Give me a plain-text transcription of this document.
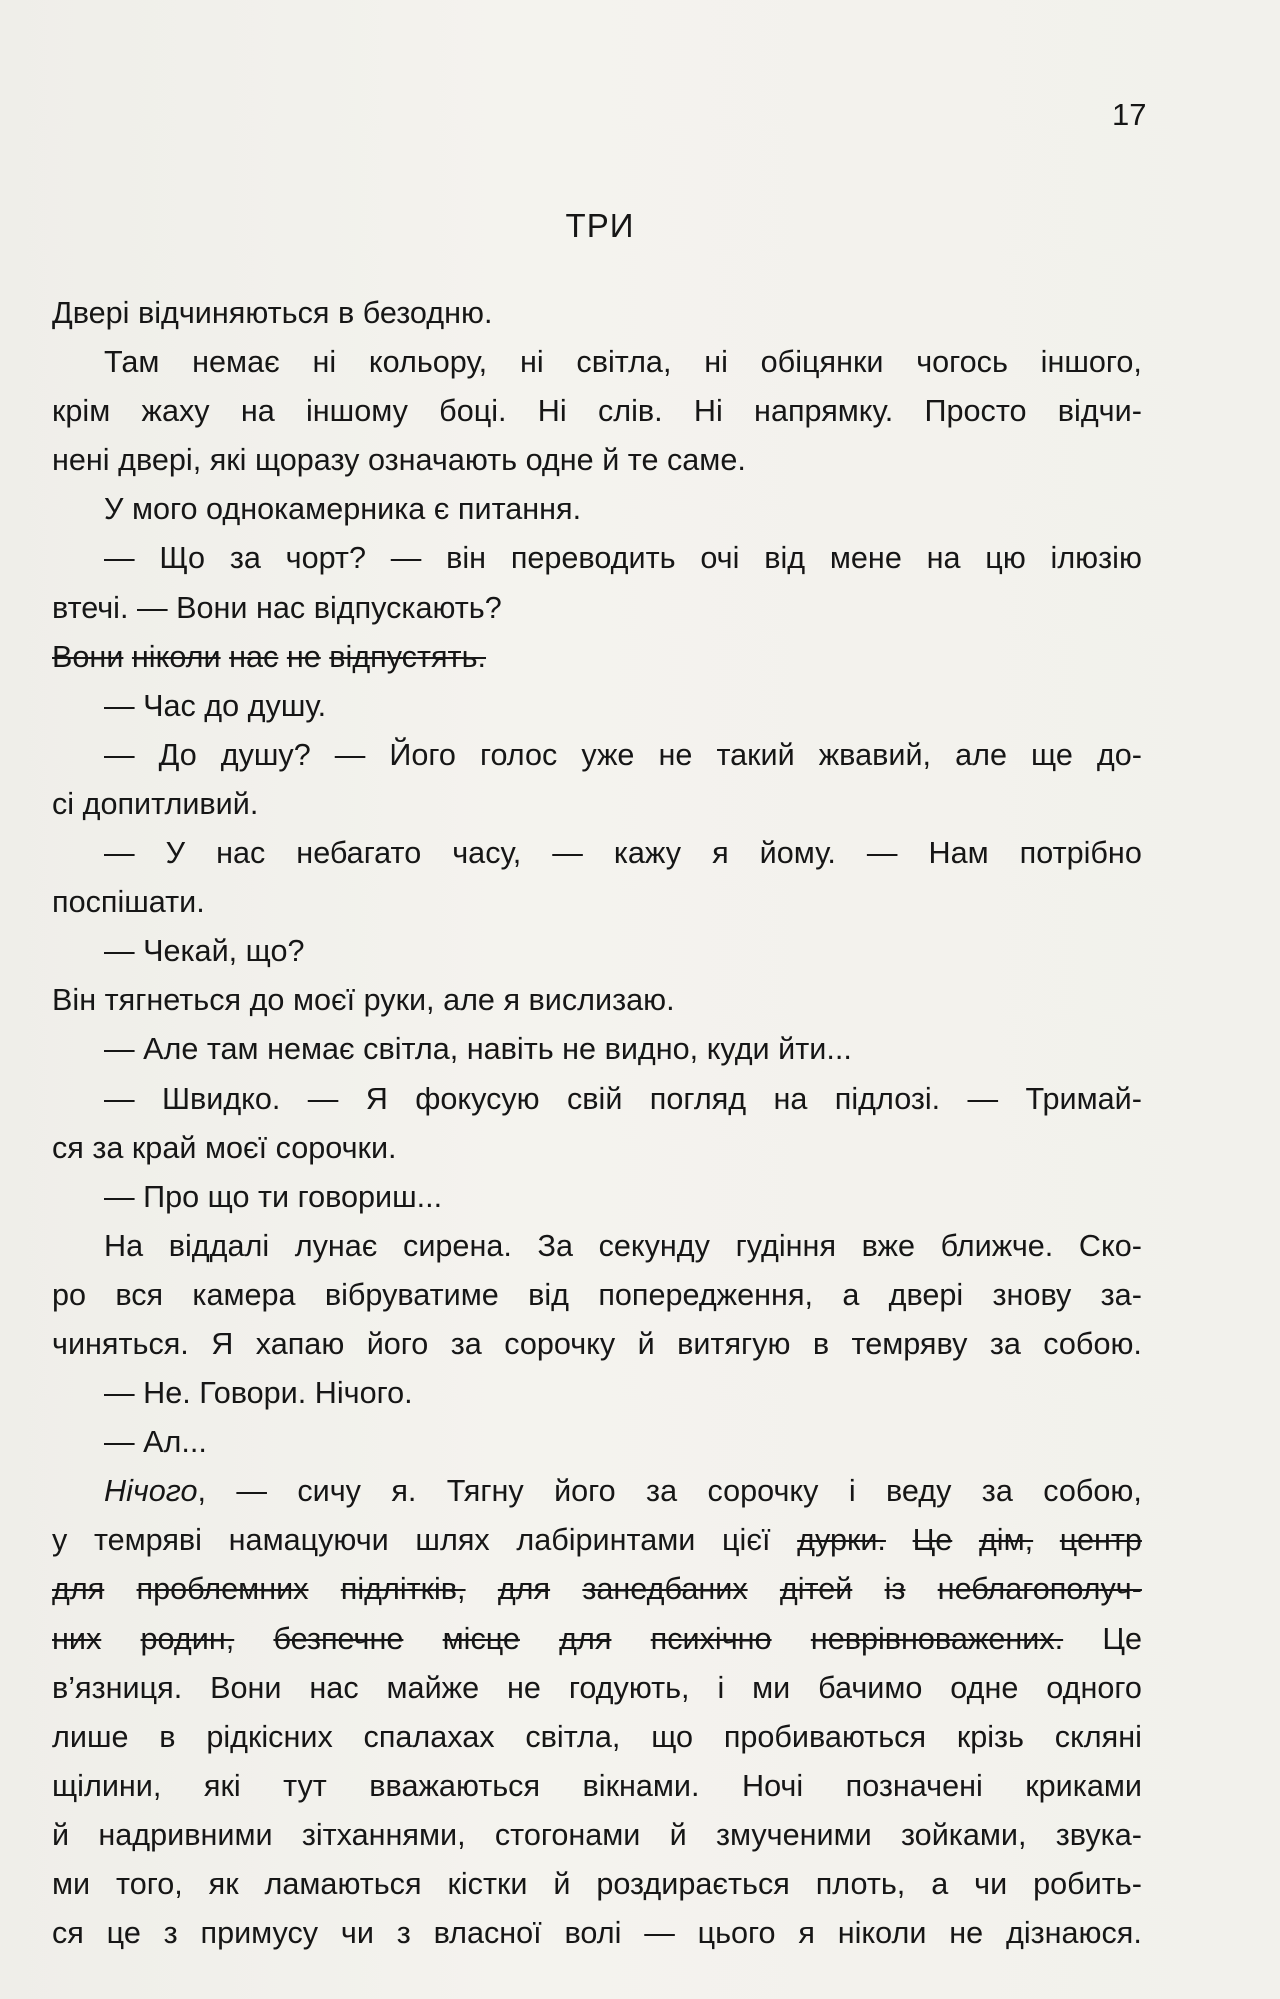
17
ТРИ
Двері
відчиняються
в
безодню.
Там немає ні кольору, ні світла, ні обіцянки чогось іншого,
крім жаху на іншому боці. Ні слів. Ні напрямку. Просто відчи-
нені
двері,
які
щоразу
означають
одне
й
те
саме.
У
мого
однокамерника
є
питання.
— Що за чорт? — він переводить очі від мене на цю ілюзію
втечі.
—
Вони
нас
відпускають?
Вони
ніколи
нас
не
відпустять.
—
Час
до
душу.
— До душу? — Його голос уже не такий жвавий, але ще до-
сі
допитливий.
— У нас небагато часу, — кажу я йому. — Нам потрібно
поспішати.
—
Чекай,
що?
Він
тягнеться
до
моєї
руки,
але
я
вислизаю.
—
Але
там
немає
світла,
навіть
не
видно,
куди
йти...
— Швидко. — Я фокусую свій погляд на підлозі. — Тримай-
ся
за
край
моєї
сорочки.
—
Про
що
ти
говориш...
На віддалі лунає сирена. За секунду гудіння вже ближче. Ско-
ро вся камера вібруватиме від попередження, а двері знову за-
чиняться. Я хапаю його за сорочку й витягую в темряву за собою.
—
Не.
Говори.
Нічого.
—
Ал...
Нічого, — сичу я. Тягну його за сорочку і веду за собою,
у темряві намацуючи шлях лабіринтами цієї дурки. Це дім, центр
для проблемних підлітків, для занедбаних дітей із неблагополуч-
них родин, безпечне місце для психічно неврівноважених. Це
в’язниця. Вони нас майже не годують, і ми бачимо одне одного
лише в рідкісних спалахах світла, що пробиваються крізь скляні
щілини, які тут вважаються вікнами. Ночі позначені криками
й надривними зітханнями, стогонами й змученими зойками, звука-
ми того, як ламаються кістки й роздирається плоть, а чи робить-
ся це з примусу чи з власної волі — цього я ніколи не дізнаюся.
